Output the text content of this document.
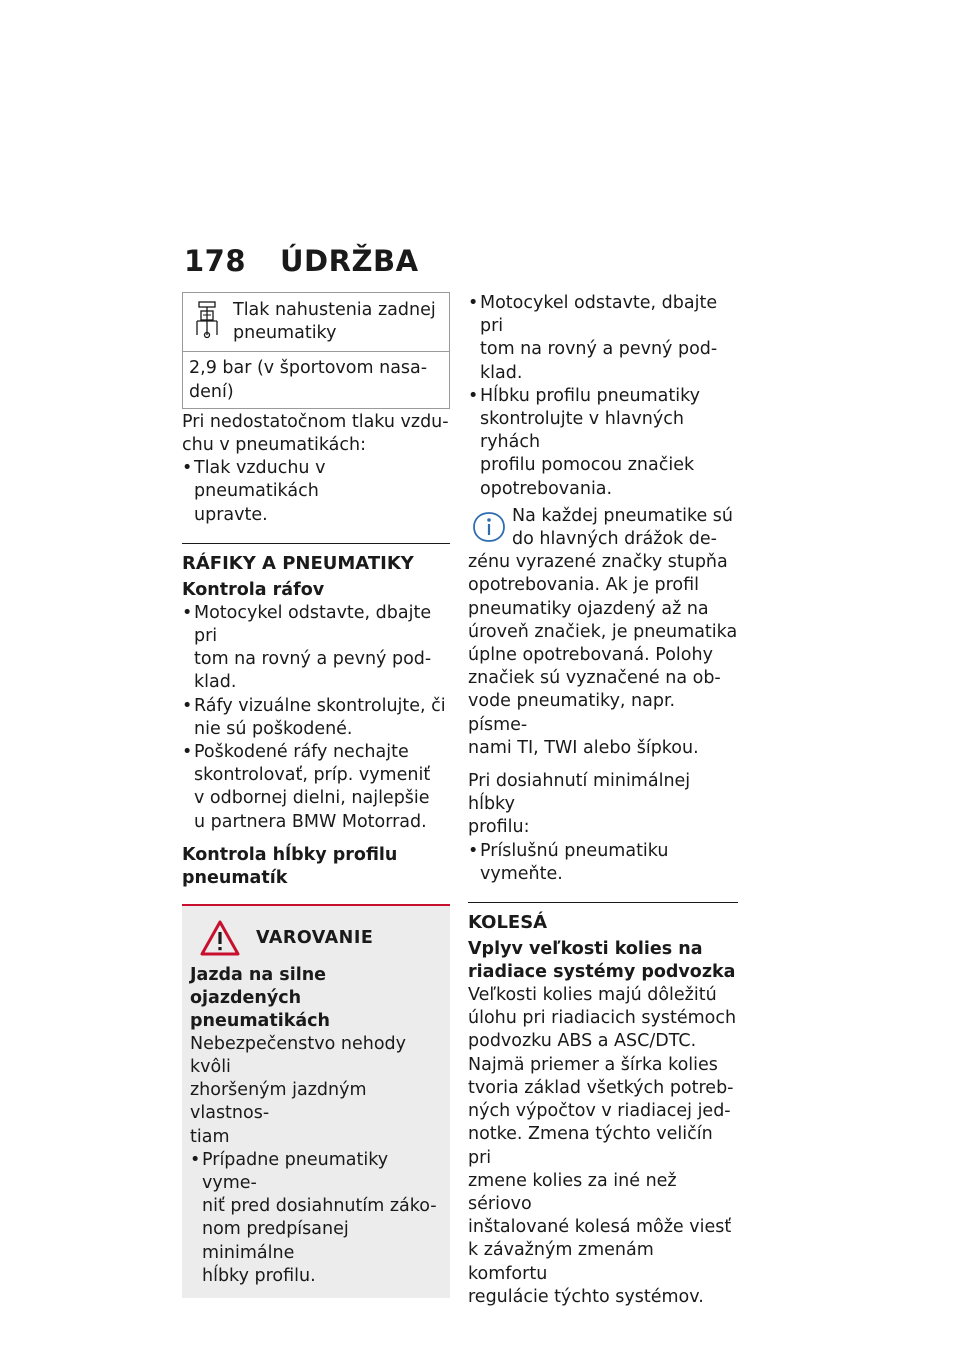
178 ÚDRŽBA

Tlak nahustenia zadnej

pneumatiky

2,9 bar (v športovom nasa-

dení)

Pri nedostatočnom tlaku vzdu-

chu v pneumatikách:

• Tlak vzduchu v pneumatikách
upravte.
RÁFIKY A PNEUMATIKY
Kontrola ráfov
• Motocykel odstavte, dbajte pri
tom na rovný a pevný pod-
klad.
• Ráfy vizuálne skontrolujte, či
nie sú poškodené.
• Poškodené ráfy nechajte
skontrolovať, príp. vymeniť
v odbornej dielni, najlepšie
u partnera BMW Motorrad.
Kontrola hĺbky profilu
pneumatík
VAROVANIE
Jazda na silne ojazdených
pneumatikách

Nebezpečenstvo nehody kvôli

zhoršeným jazdným vlastnos-

tiam

• Prípadne pneumatiky vyme-
niť pred dosiahnutím záko-
nom predpísanej minimálne
hĺbky profilu.
• Motocykel odstavte, dbajte pri
tom na rovný a pevný pod-
klad.
• Hĺbku profilu pneumatiky
skontrolujte v hlavných ryhách
profilu pomocou značiek
opotrebovania.

Na každej pneumatike sú

do hlavných drážok de-

zénu vyrazené značky stupňa

opotrebovania. Ak je profil

pneumatiky ojazdený až na

úroveň značiek, je pneumatika

úplne opotrebovaná. Polohy

značiek sú vyznačené na ob-

vode pneumatiky, napr. písme-

nami TI, TWI alebo šípkou.

Pri dosiahnutí minimálnej hĺbky

profilu:

• Príslušnú pneumatiku
vymeňte.
KOLESÁ
Vplyv veľkosti kolies na
riadiace systémy podvozka

Veľkosti kolies majú dôležitú

úlohu pri riadiacich systémoch

podvozku ABS a ASC/DTC.

Najmä priemer a šírka kolies

tvoria základ všetkých potreb-

ných výpočtov v riadiacej jed-

notke. Zmena týchto veličín pri

zmene kolies za iné než sériovo

inštalované kolesá môže viesť

k závažným zmenám komfortu

regulácie týchto systémov.
